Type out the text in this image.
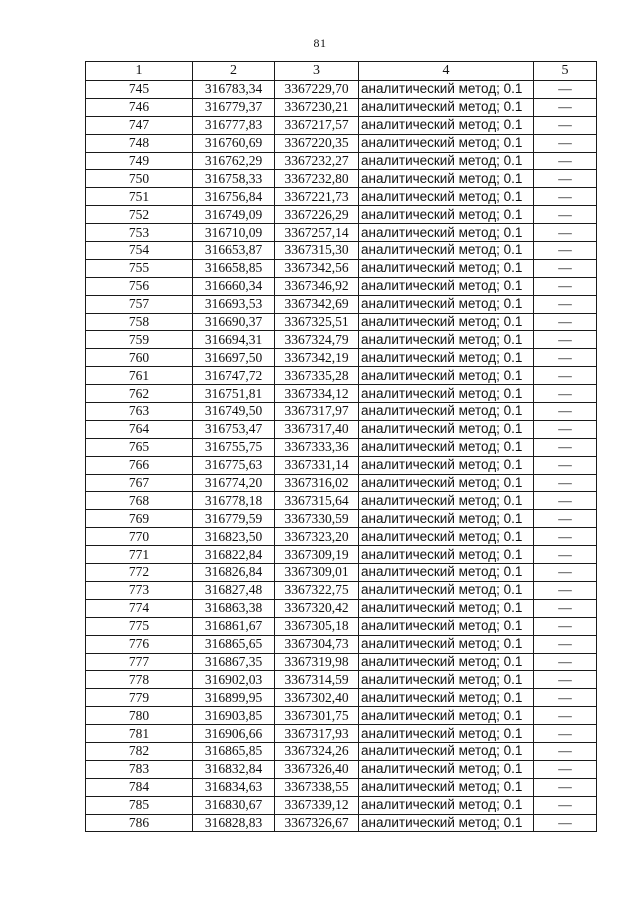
81
1	2	3	4	5
745	316783,34	3367229,70	аналитический метод; 0.1	—
746	316779,37	3367230,21	аналитический метод; 0.1	—
747	316777,83	3367217,57	аналитический метод; 0.1	—
748	316760,69	3367220,35	аналитический метод; 0.1	—
749	316762,29	3367232,27	аналитический метод; 0.1	—
750	316758,33	3367232,80	аналитический метод; 0.1	—
751	316756,84	3367221,73	аналитический метод; 0.1	—
752	316749,09	3367226,29	аналитический метод; 0.1	—
753	316710,09	3367257,14	аналитический метод; 0.1	—
754	316653,87	3367315,30	аналитический метод; 0.1	—
755	316658,85	3367342,56	аналитический метод; 0.1	—
756	316660,34	3367346,92	аналитический метод; 0.1	—
757	316693,53	3367342,69	аналитический метод; 0.1	—
758	316690,37	3367325,51	аналитический метод; 0.1	—
759	316694,31	3367324,79	аналитический метод; 0.1	—
760	316697,50	3367342,19	аналитический метод; 0.1	—
761	316747,72	3367335,28	аналитический метод; 0.1	—
762	316751,81	3367334,12	аналитический метод; 0.1	—
763	316749,50	3367317,97	аналитический метод; 0.1	—
764	316753,47	3367317,40	аналитический метод; 0.1	—
765	316755,75	3367333,36	аналитический метод; 0.1	—
766	316775,63	3367331,14	аналитический метод; 0.1	—
767	316774,20	3367316,02	аналитический метод; 0.1	—
768	316778,18	3367315,64	аналитический метод; 0.1	—
769	316779,59	3367330,59	аналитический метод; 0.1	—
770	316823,50	3367323,20	аналитический метод; 0.1	—
771	316822,84	3367309,19	аналитический метод; 0.1	—
772	316826,84	3367309,01	аналитический метод; 0.1	—
773	316827,48	3367322,75	аналитический метод; 0.1	—
774	316863,38	3367320,42	аналитический метод; 0.1	—
775	316861,67	3367305,18	аналитический метод; 0.1	—
776	316865,65	3367304,73	аналитический метод; 0.1	—
777	316867,35	3367319,98	аналитический метод; 0.1	—
778	316902,03	3367314,59	аналитический метод; 0.1	—
779	316899,95	3367302,40	аналитический метод; 0.1	—
780	316903,85	3367301,75	аналитический метод; 0.1	—
781	316906,66	3367317,93	аналитический метод; 0.1	—
782	316865,85	3367324,26	аналитический метод; 0.1	—
783	316832,84	3367326,40	аналитический метод; 0.1	—
784	316834,63	3367338,55	аналитический метод; 0.1	—
785	316830,67	3367339,12	аналитический метод; 0.1	—
786	316828,83	3367326,67	аналитический метод; 0.1	—
